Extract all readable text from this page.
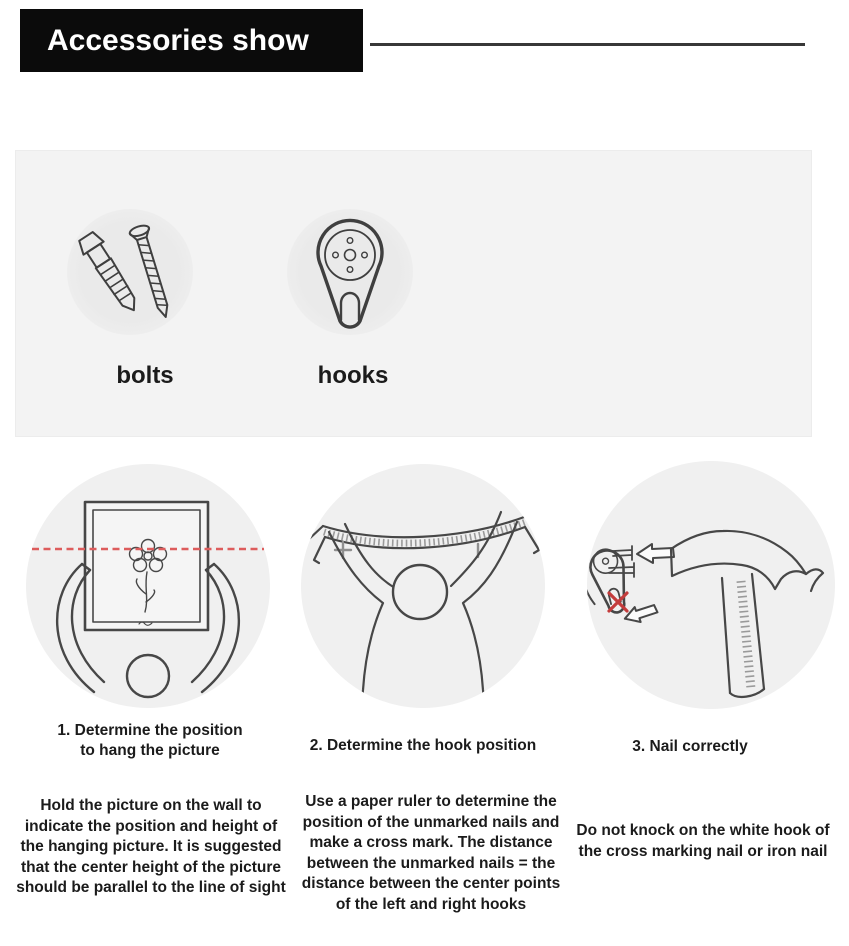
Accessories show
bolts	hooks
1. Determine the position
to hang the picture	2. Determine the hook position	3. Nail correctly
Hold the picture on the wall to
indicate the position and height of
the hanging picture. It is suggested
that the center height of the picture
should be parallel to the line of sight
Use a paper ruler to determine the
position of the unmarked nails and
make a cross mark. The distance
between the unmarked nails = the
distance between the center points
of the left and right hooks
Do not knock on the white hook of
the cross marking nail or iron nail
